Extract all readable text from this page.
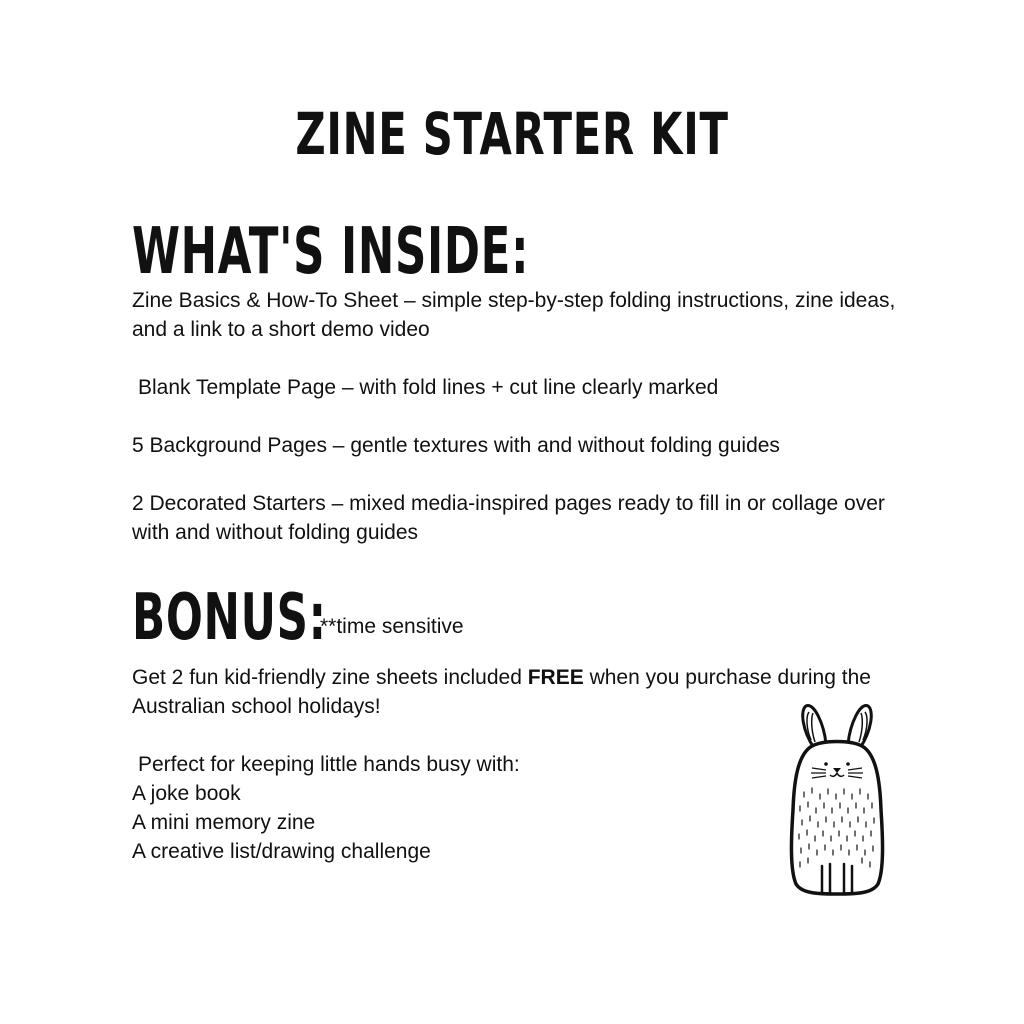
ZINE STARTER KIT
WHAT'S INSIDE:

Zine Basics & How-To Sheet – simple step-by-step folding instructions, zine ideas, and a link to a short demo video

Blank Template Page – with fold lines + cut line clearly marked

5 Background Pages – gentle textures with and without folding guides

2 Decorated Starters – mixed media-inspired pages ready to fill in or collage over with and without folding guides

BONUS:
**time sensitive

Get 2 fun kid-friendly zine sheets included FREE when you purchase during the Australian school holidays!

Perfect for keeping little hands busy with:

A joke book

A mini memory zine

A creative list/drawing challenge
